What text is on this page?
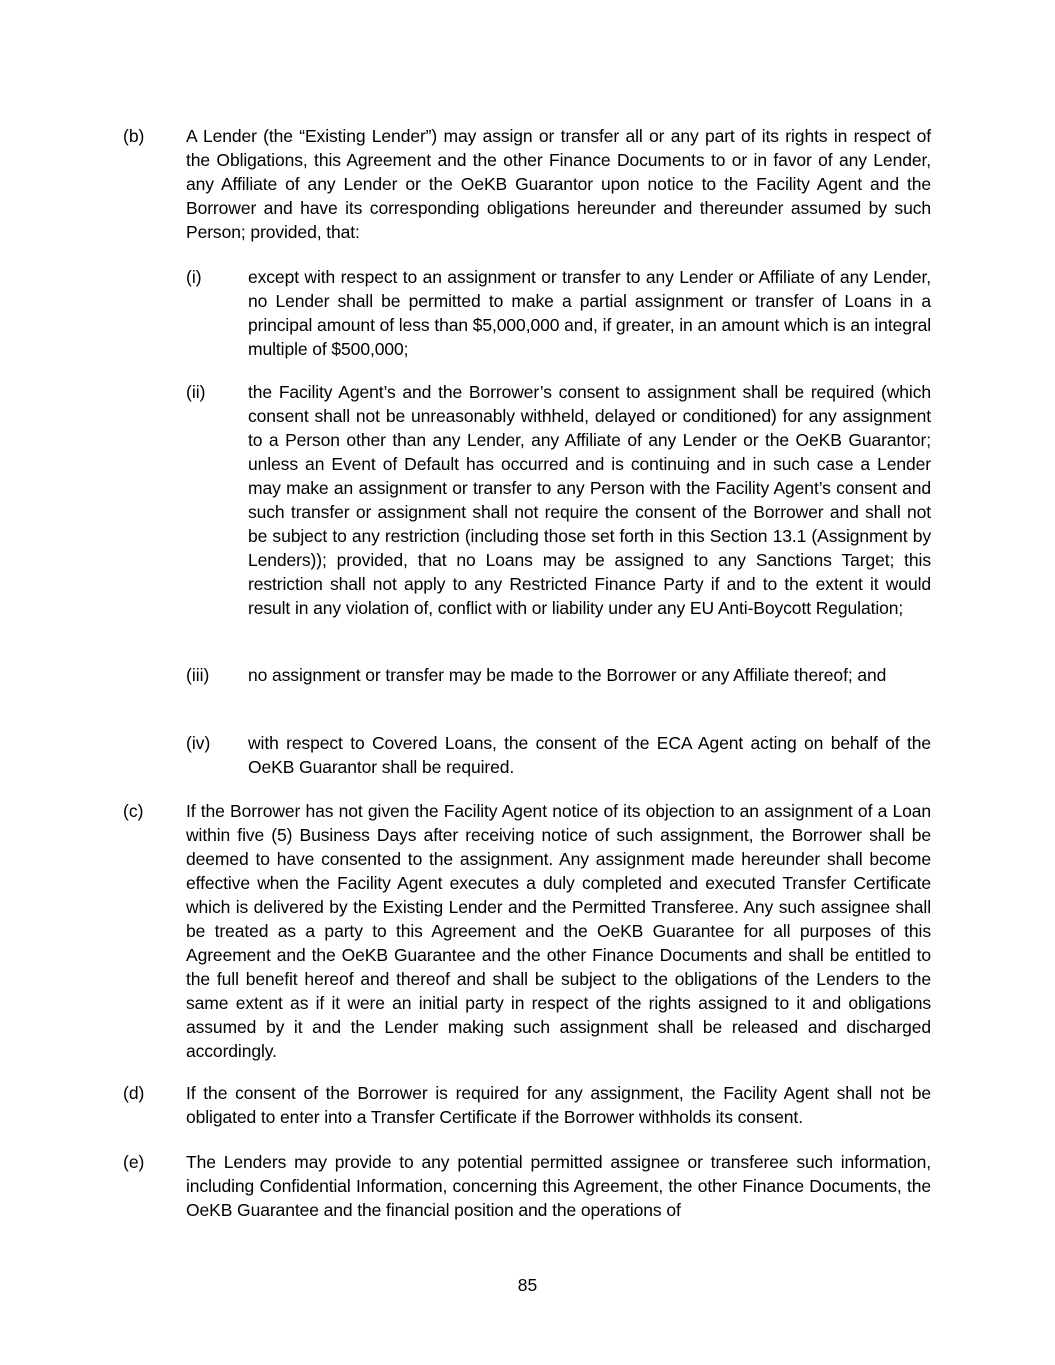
(b) A Lender (the “Existing Lender”) may assign or transfer all or any part of its rights in respect of the Obligations, this Agreement and the other Finance Documents to or in favor of any Lender, any Affiliate of any Lender or the OeKB Guarantor upon notice to the Facility Agent and the Borrower and have its corresponding obligations hereunder and thereunder assumed by such Person; provided, that:
(i)	except with respect to an assignment or transfer to any Lender or Affiliate of any Lender, no Lender shall be permitted to make a partial assignment or transfer of Loans in a principal amount of less than $5,000,000 and, if greater, in an amount which is an integral multiple of $500,000;
(ii) the Facility Agent’s and the Borrower’s consent to assignment shall be required (which consent shall not be unreasonably withheld, delayed or conditioned) for any assignment to a Person other than any Lender, any Affiliate of any Lender or the OeKB Guarantor; unless an Event of Default has occurred and is continuing and in such case a Lender may make an assignment or transfer to any Person with the Facility Agent’s consent and such transfer or assignment shall not require the consent of the Borrower and shall not be subject to any restriction (including those set forth in this Section 13.1 (Assignment by Lenders)); provided, that no Loans may be assigned to any Sanctions Target; this restriction shall not apply to any Restricted Finance Party if and to the extent it would result in any violation of, conflict with or liability under any EU Anti-Boycott Regulation;
(iii) no assignment or transfer may be made to the Borrower or any Affiliate thereof; and
(iv) with respect to Covered Loans, the consent of the ECA Agent acting on behalf of the OeKB Guarantor shall be required.
(c) If the Borrower has not given the Facility Agent notice of its objection to an assignment of a Loan within five (5) Business Days after receiving notice of such assignment, the Borrower shall be deemed to have consented to the assignment. Any assignment made hereunder shall become effective when the Facility Agent executes a duly completed and executed Transfer Certificate which is delivered by the Existing Lender and the Permitted Transferee. Any such assignee shall be treated as a party to this Agreement and the OeKB Guarantee for all purposes of this Agreement and the OeKB Guarantee and the other Finance Documents and shall be entitled to the full benefit hereof and thereof and shall be subject to the obligations of the Lenders to the same extent as if it were an initial party in respect of the rights assigned to it and obligations assumed by it and the Lender making such assignment shall be released and discharged accordingly.
(d) If the consent of the Borrower is required for any assignment, the Facility Agent shall not be obligated to enter into a Transfer Certificate if the Borrower withholds its consent.
(e) The Lenders may provide to any potential permitted assignee or transferee such information, including Confidential Information, concerning this Agreement, the other Finance Documents, the OeKB Guarantee and the financial position and the operations of
85
